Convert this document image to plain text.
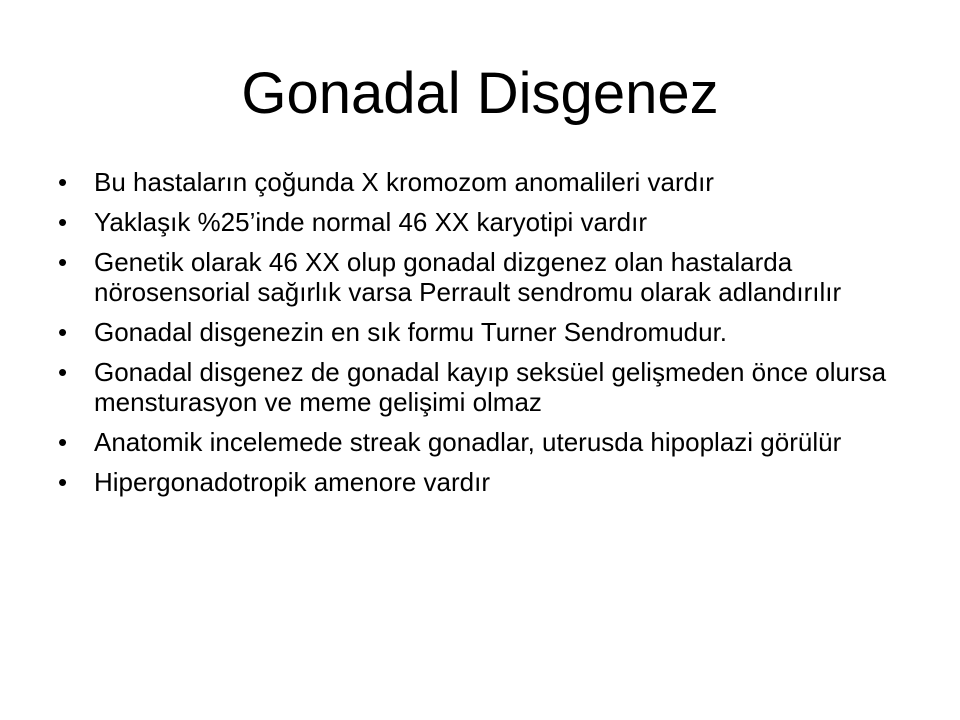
Gonadal Disgenez
•	Bu hastaların çoğunda X kromozom anomalileri vardır
•	Yaklaşık %25’inde normal 46 XX karyotipi vardır
•	Genetik olarak 46 XX olup gonadal dizgenez olan hastalarda nörosensorial sağırlık varsa Perrault sendromu olarak adlandırılır
•	Gonadal disgenezin en sık formu Turner Sendromudur.
•	Gonadal disgenez de gonadal kayıp seksüel gelişmeden önce olursa mensturasyon ve meme gelişimi olmaz
•	Anatomik incelemede streak gonadlar, uterusda hipoplazi görülür
•	Hipergonadotropik amenore vardır
